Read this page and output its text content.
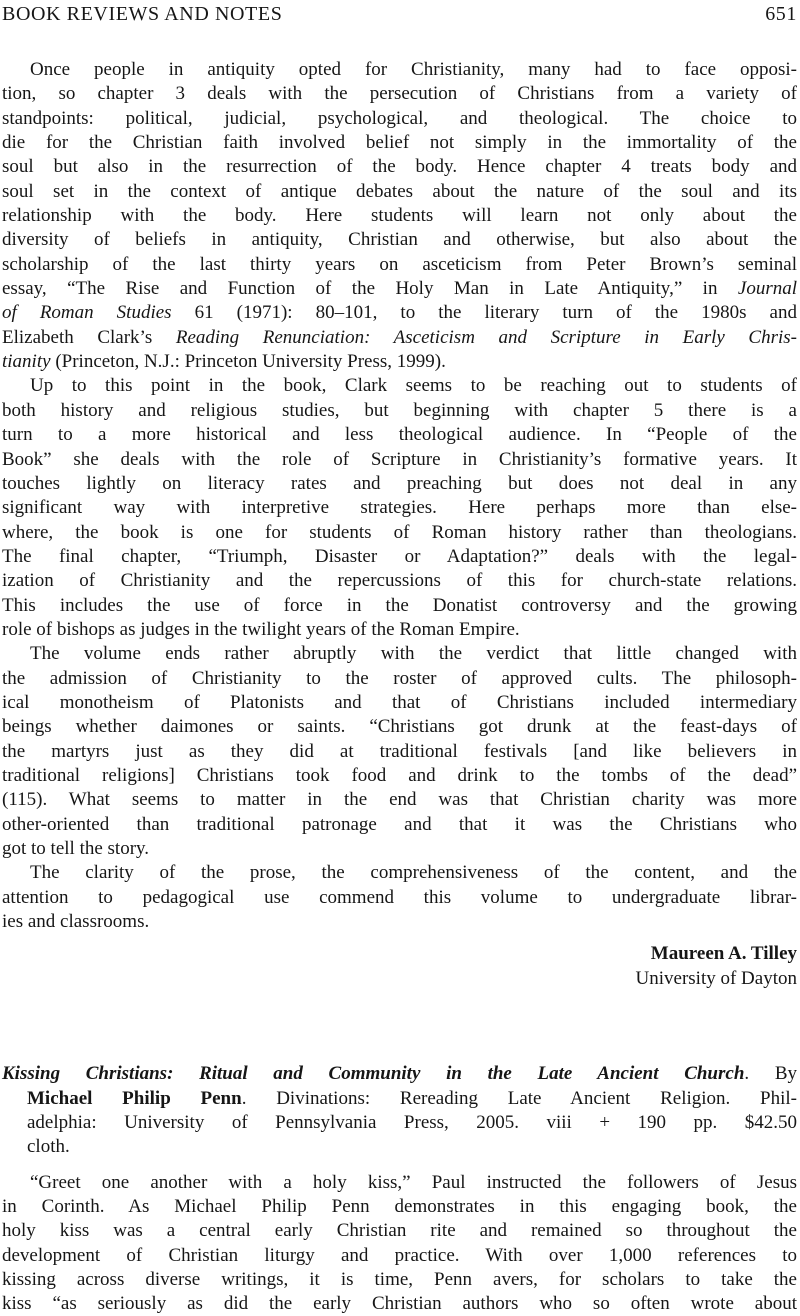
BOOK REVIEWS AND NOTES	651
Once people in antiquity opted for Christianity, many had to face opposi-
tion, so chapter 3 deals with the persecution of Christians from a variety of
standpoints: political, judicial, psychological, and theological. The choice to
die for the Christian faith involved belief not simply in the immortality of the
soul but also in the resurrection of the body. Hence chapter 4 treats body and
soul set in the context of antique debates about the nature of the soul and its
relationship with the body. Here students will learn not only about the
diversity of beliefs in antiquity, Christian and otherwise, but also about the
scholarship of the last thirty years on asceticism from Peter Brown’s seminal
essay, “The Rise and Function of the Holy Man in Late Antiquity,” in Journal
of Roman Studies 61 (1971): 80–101, to the literary turn of the 1980s and
Elizabeth Clark’s Reading Renunciation: Asceticism and Scripture in Early Chris-
tianity (Princeton, N.J.: Princeton University Press, 1999).
Up to this point in the book, Clark seems to be reaching out to students of
both history and religious studies, but beginning with chapter 5 there is a
turn to a more historical and less theological audience. In “People of the
Book” she deals with the role of Scripture in Christianity’s formative years. It
touches lightly on literacy rates and preaching but does not deal in any
significant way with interpretive strategies. Here perhaps more than else-
where, the book is one for students of Roman history rather than theologians.
The final chapter, “Triumph, Disaster or Adaptation?” deals with the legal-
ization of Christianity and the repercussions of this for church-state relations.
This includes the use of force in the Donatist controversy and the growing
role of bishops as judges in the twilight years of the Roman Empire.
The volume ends rather abruptly with the verdict that little changed with
the admission of Christianity to the roster of approved cults. The philosoph-
ical monotheism of Platonists and that of Christians included intermediary
beings whether daimones or saints. “Christians got drunk at the feast-days of
the martyrs just as they did at traditional festivals [and like believers in
traditional religions] Christians took food and drink to the tombs of the dead”
(115). What seems to matter in the end was that Christian charity was more
other-oriented than traditional patronage and that it was the Christians who
got to tell the story.
The clarity of the prose, the comprehensiveness of the content, and the
attention to pedagogical use commend this volume to undergraduate librar-
ies and classrooms.
Maureen A. Tilley
University of Dayton
Kissing Christians: Ritual and Community in the Late Ancient Church. By
Michael Philip Penn. Divinations: Rereading Late Ancient Religion. Phil-
adelphia: University of Pennsylvania Press, 2005. viii + 190 pp. $42.50
cloth.
“Greet one another with a holy kiss,” Paul instructed the followers of Jesus
in Corinth. As Michael Philip Penn demonstrates in this engaging book, the
holy kiss was a central early Christian rite and remained so throughout the
development of Christian liturgy and practice. With over 1,000 references to
kissing across diverse writings, it is time, Penn avers, for scholars to take the
kiss “as seriously as did the early Christian authors who so often wrote about
